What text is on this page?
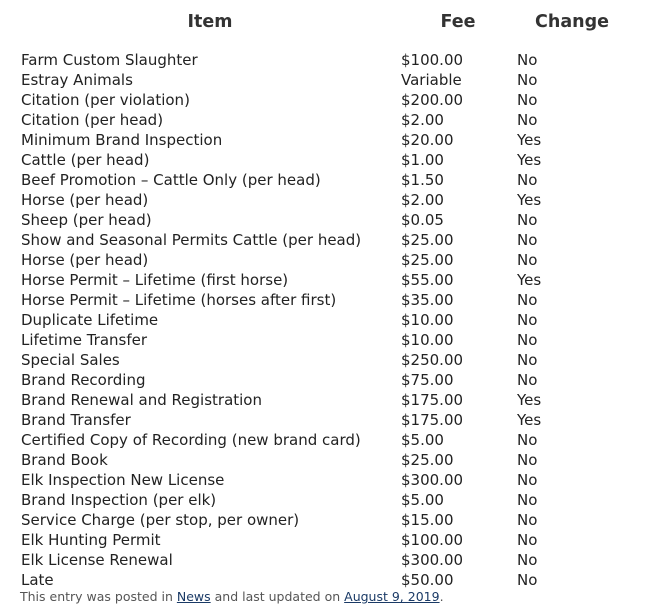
Item	Fee	Change
Farm Custom Slaughter	$100.00	No
Estray Animals	Variable	No
Citation (per violation)	$200.00	No
Citation (per head)	$2.00	No
Minimum Brand Inspection	$20.00	Yes
Cattle (per head)	$1.00	Yes
Beef Promotion – Cattle Only (per head)	$1.50	No
Horse (per head)	$2.00	Yes
Sheep (per head)	$0.05	No
Show and Seasonal Permits Cattle (per head)	$25.00	No
Horse (per head)	$25.00	No
Horse Permit – Lifetime (first horse)	$55.00	Yes
Horse Permit – Lifetime (horses after first)	$35.00	No
Duplicate Lifetime	$10.00	No
Lifetime Transfer	$10.00	No
Special Sales	$250.00	No
Brand Recording	$75.00	No
Brand Renewal and Registration	$175.00	Yes
Brand Transfer	$175.00	Yes
Certified Copy of Recording (new brand card)	$5.00	No
Brand Book	$25.00	No
Elk Inspection New License	$300.00	No
Brand Inspection (per elk)	$5.00	No
Service Charge (per stop, per owner)	$15.00	No
Elk Hunting Permit	$100.00	No
Elk License Renewal	$300.00	No
Late	$50.00	No
This entry was posted in News and last updated on August 9, 2019.
